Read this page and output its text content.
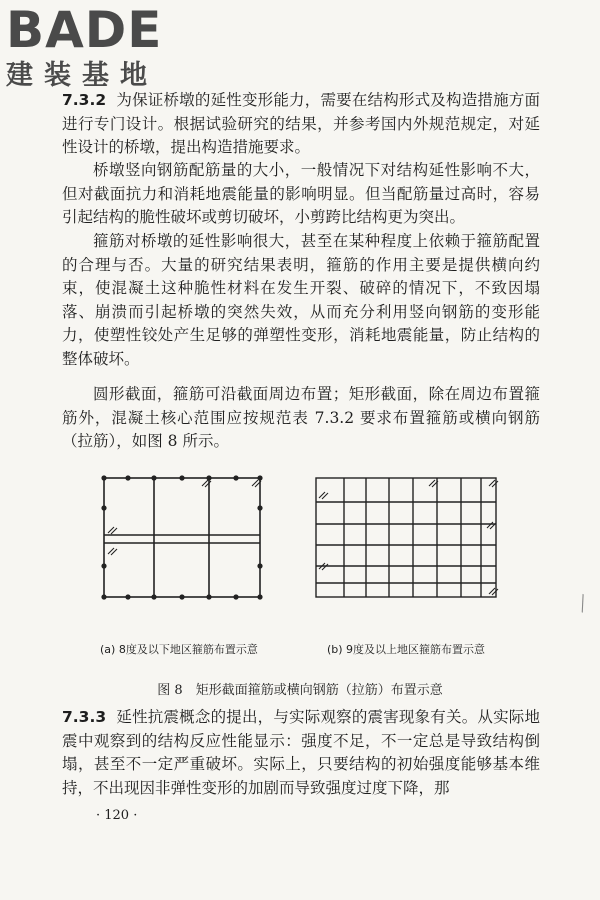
BADE
建装基地

7.3.2 为保证桥墩的延性变形能力，需要在结构形式及构造措施方面进行专门设计。根据试验研究的结果，并参考国内外规范规定，对延性设计的桥墩，提出构造措施要求。

桥墩竖向钢筋配筋量的大小，一般情况下对结构延性影响不大，但对截面抗力和消耗地震能量的影响明显。但当配筋量过高时，容易引起结构的脆性破坏或剪切破坏，小剪跨比结构更为突出。

箍筋对桥墩的延性影响很大，甚至在某种程度上依赖于箍筋配置的合理与否。大量的研究结果表明，箍筋的作用主要是提供横向约束，使混凝土这种脆性材料在发生开裂、破碎的情况下，不致因塌落、崩溃而引起桥墩的突然失效，从而充分利用竖向钢筋的变形能力，使塑性铰处产生足够的弹塑性变形，消耗地震能量，防止结构的整体破坏。

圆形截面，箍筋可沿截面周边布置；矩形截面，除在周边布置箍筋外，混凝土核心范围应按规范表 7.3.2 要求布置箍筋或横向钢筋（拉筋），如图 8 所示。

(a) 8度及以下地区箍筋布置示意	(b) 9度及以上地区箍筋布置示意
图 8　矩形截面箍筋或横向钢筋（拉筋）布置示意

7.3.3 延性抗震概念的提出，与实际观察的震害现象有关。从实际地震中观察到的结构反应性能显示：强度不足，不一定总是导致结构倒塌，甚至不一定严重破坏。实际上，只要结构的初始强度能够基本维持，不出现因非弹性变形的加剧而导致强度过度下降，那

· 120 ·
╲
